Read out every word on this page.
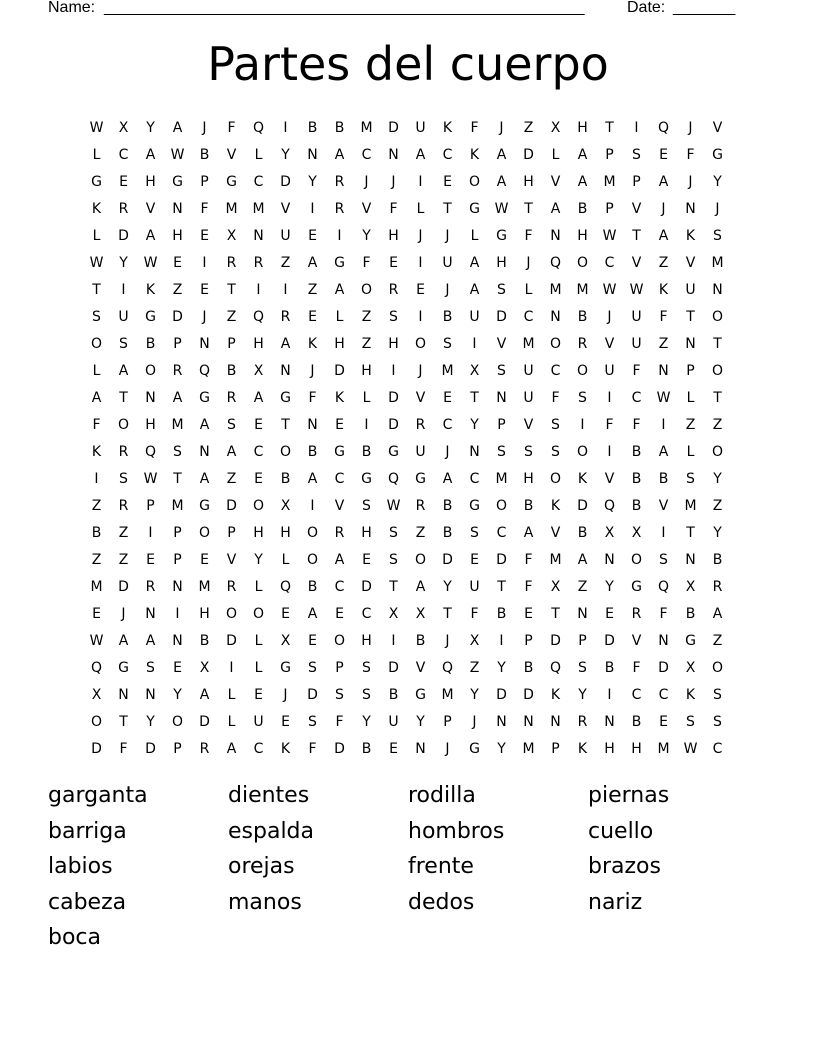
Name: ______________________________________________________	Date: _______
Partes del cuerpo
W	X	Y	A	J	F	Q	I	B	B	M	D	U	K	F	J	Z	X	H	T	I	Q	J	V
L	C	A	W	B	V	L	Y	N	A	C	N	A	C	K	A	D	L	A	P	S	E	F	G
G	E	H	G	P	G	C	D	Y	R	J	J	I	E	O	A	H	V	A	M	P	A	J	Y
K	R	V	N	F	M	M	V	I	R	V	F	L	T	G	W	T	A	B	P	V	J	N	J
L	D	A	H	E	X	N	U	E	I	Y	H	J	J	L	G	F	N	H	W	T	A	K	S
W	Y	W	E	I	R	R	Z	A	G	F	E	I	U	A	H	J	Q	O	C	V	Z	V	M
T	I	K	Z	E	T	I	I	Z	A	O	R	E	J	A	S	L	M	M	W W	K	U	N
S	U	G	D	J	Z	Q	R	E	L	Z	S	I	B	U	D	C	N	B	J	U	F	T	O
O	S	B	P	N	P	H	A	K	H	Z	H	O	S	I	V	M	O	R	V	U	Z	N	T
L	A	O	R	Q	B	X	N	J	D	H	I	J	M	X	S	U	C	O	U	F	N	P	O
A	T	N	A	G	R	A	G	F	K	L	D	V	E	T	N	U	F	S	I	C	W	L	T
F	O	H	M	A	S	E	T	N	E	I	D	R	C	Y	P	V	S	I	F	F	I	Z	Z
K	R	Q	S	N	A	C	O	B	G	B	G	U	J	N	S	S	S	O	I	B	A	L	O
I	S	W	T	A	Z	E	B	A	C	G	Q	G	A	C	M	H	O	K	V	B	B	S	Y
Z	R	P	M	G	D	O	X	I	V	S	W	R	B	G	O	B	K	D	Q	B	V	M	Z
B	Z	I	P	O	P	H	H	O	R	H	S	Z	B	S	C	A	V	B	X	X	I	T	Y
Z	Z	E	P	E	V	Y	L	O	A	E	S	O	D	E	D	F	M	A	N	O	S	N	B
M	D	R	N	M	R	L	Q	B	C	D	T	A	Y	U	T	F	X	Z	Y	G	Q	X	R
E	J	N	I	H	O	O	E	A	E	C	X	X	T	F	B	E	T	N	E	R	F	B	A
W	A	A	N	B	D	L	X	E	O	H	I	B	J	X	I	P	D	P	D	V	N	G	Z
Q	G	S	E	X	I	L	G	S	P	S	D	V	Q	Z	Y	B	Q	S	B	F	D	X	O
X	N	N	Y	A	L	E	J	D	S	S	B	G	M	Y	D	D	K	Y	I	C	C	K	S
O	T	Y	O	D	L	U	E	S	F	Y	U	Y	P	J	N	N	N	R	N	B	E	S	S
D	F	D	P	R	A	C	K	F	D	B	E	N	J	G	Y	M	P	K	H	H	M	W	C
garganta	dientes	rodilla	piernas
barriga	espalda	hombros	cuello
labios	orejas	frente	brazos
cabeza	manos	dedos	nariz
boca
